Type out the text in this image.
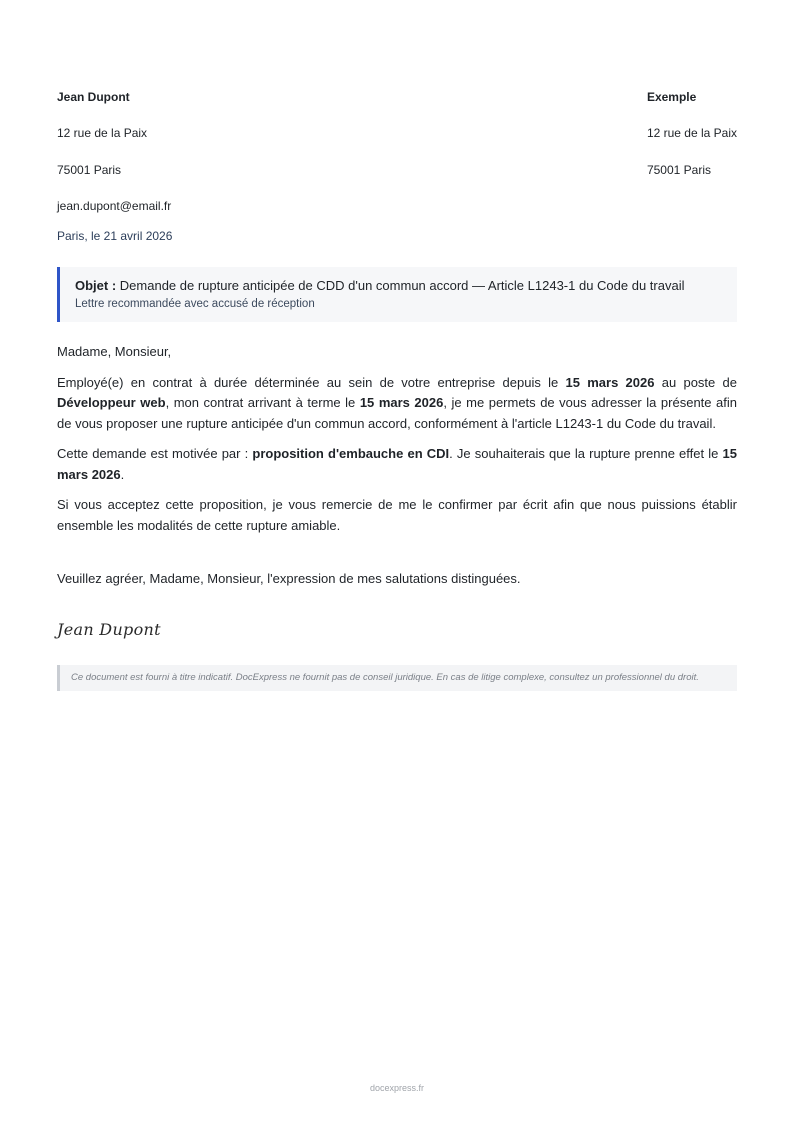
Jean Dupont
12 rue de la Paix
75001 Paris
jean.dupont@email.fr
Exemple
12 rue de la Paix
75001 Paris
Paris, le 21 avril 2026
Objet : Demande de rupture anticipée de CDD d'un commun accord — Article L1243-1 du Code du travail
Lettre recommandée avec accusé de réception

Madame, Monsieur,

Employé(e) en contrat à durée déterminée au sein de votre entreprise depuis le 15 mars 2026 au poste de Développeur web, mon contrat arrivant à terme le 15 mars 2026, je me permets de vous adresser la présente afin de vous proposer une rupture anticipée d'un commun accord, conformément à l'article L1243-1 du Code du travail.

Cette demande est motivée par : proposition d'embauche en CDI. Je souhaiterais que la rupture prenne effet le 15 mars 2026.

Si vous acceptez cette proposition, je vous remercie de me le confirmer par écrit afin que nous puissions établir ensemble les modalités de cette rupture amiable.

Veuillez agréer, Madame, Monsieur, l'expression de mes salutations distinguées.
Jean Dupont
Ce document est fourni à titre indicatif. DocExpress ne fournit pas de conseil juridique. En cas de litige complexe, consultez un professionnel du droit.
docexpress.fr
